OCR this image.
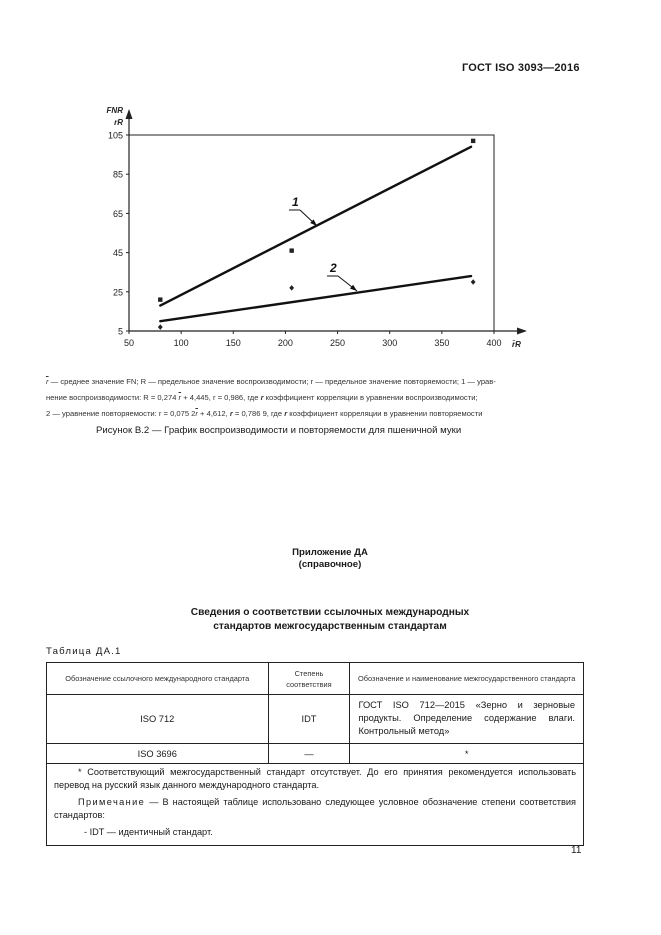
ГОСТ ISO 3093—2016
5
25
45
65
85
105
50	100	150	200	250	300	350	400
FNR
rR
r̄R
1
2
$\overline{r}$ — среднее значение FN; R — предельное значение воспроизводимости; r — предельное значение повторяемости; 1 — урав-
нение воспроизводимости: R = 0,274 $\overline{r} + 4,445$, r = 0,986, где r коэффициент корреляции в уравнении воспроизводимости;
2 — уравнение повторяемости: r = 0,075 $2\overline{r} + 4,612$, r = 0,786 9, где r коэффициент корреляции в уравнении повторяемости
Рисунок В.2 — График воспроизводимости и повторяемости для пшеничной муки
Приложение ДА
(справочное)
Сведения о соответствии ссылочных международных
стандартов межгосударственным стандартам
Таблица ДА.1
Обозначение ссылочного международного стандарта	Степень соответствия	Обозначение и наименование межгосударственного стандарта
ISO 712	IDT	ГОСТ ISO 712—2015 «Зерно и зерновые продукты. Определение содержание влаги. Контрольный метод»
ISO 3696	—	*

* Соответствующий межгосударственный стандарт отсутствует. До его принятия рекомендуется использовать перевод на русский язык данного международного стандарта.

Примечание — В настоящей таблице использовано следующее условное обозначение степени соответствия стандартов:

- IDT — идентичный стандарт.		

11
